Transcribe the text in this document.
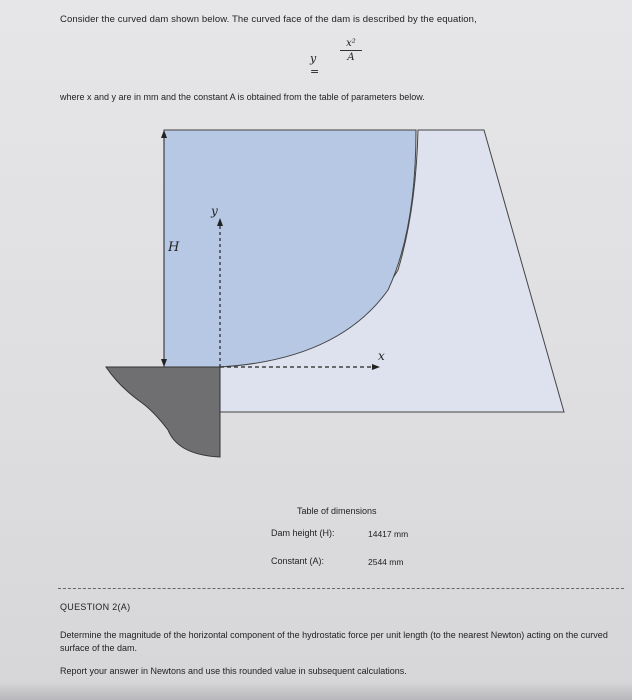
Consider the curved dam shown below. The curved face of the dam is described by the equation,
y =
x²
A
where x and y are in mm and the constant A is obtained from the table of parameters below.
H
y
x
Table of dimensions
Dam height (H):	14417 mm
Constant (A):	2544 mm
QUESTION 2(A)
Determine the magnitude of the horizontal component of the hydrostatic force per unit length (to the nearest Newton) acting on the curved surface of the dam.
Report your answer in Newtons and use this rounded value in subsequent calculations.
